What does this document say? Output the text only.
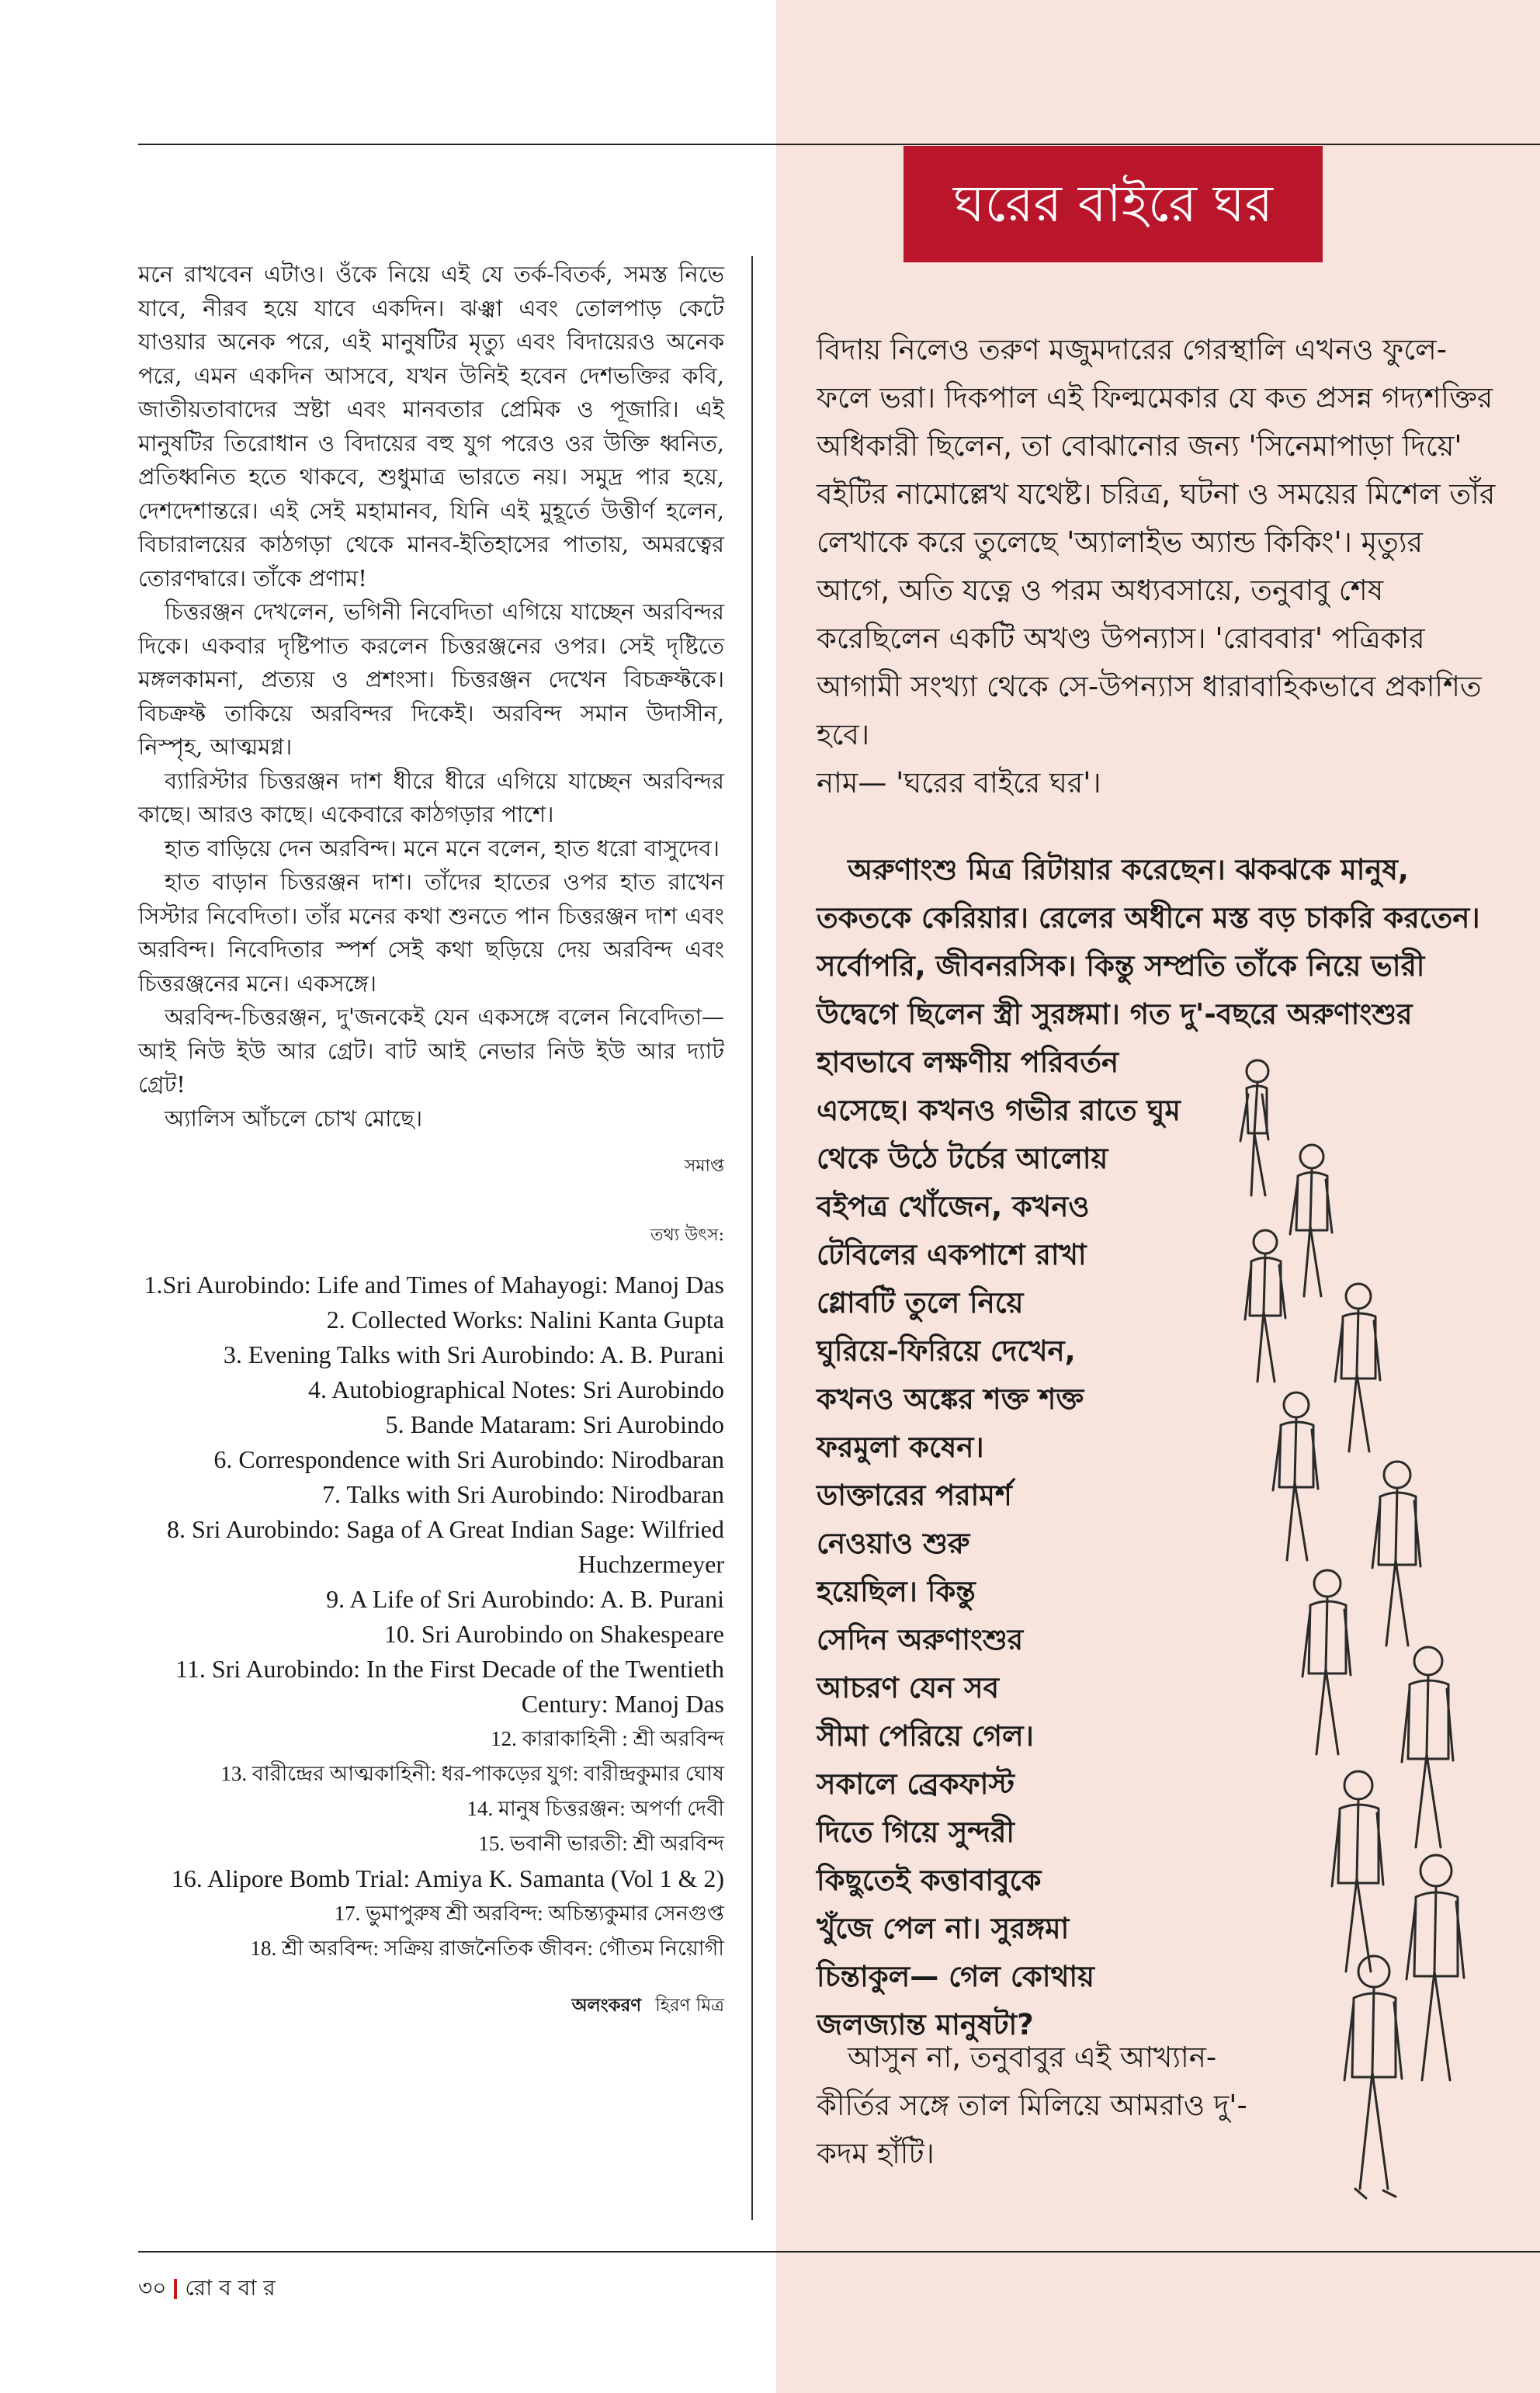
মনে রাখবেন এটাও। ওঁকে নিয়ে এই যে তর্ক-বিতর্ক, সমস্ত নিভে যাবে, নীরব হয়ে যাবে একদিন। ঝঞ্ঝা এবং তোলপাড় কেটে যাওয়ার অনেক পরে, এই মানুষটির মৃত্যু এবং বিদায়েরও অনেক পরে, এমন একদিন আসবে, যখন উনিই হবেন দেশভক্তির কবি, জাতীয়তাবাদের স্রষ্টা এবং মানবতার প্রেমিক ও পূজারি। এই মানুষটির তিরোধান ও বিদায়ের বহু যুগ পরেও ওর উক্তি ধ্বনিত, প্রতিধ্বনিত হতে থাকবে, শুধুমাত্র ভারতে নয়। সমুদ্র পার হয়ে, দেশদেশান্তরে। এই সেই মহামানব, যিনি এই মুহূর্তে উত্তীর্ণ হলেন, বিচারালয়ের কাঠগড়া থেকে মানব-ইতিহাসের পাতায়, অমরত্বের তোরণদ্বারে। তাঁকে প্রণাম!

চিত্তরঞ্জন দেখলেন, ভগিনী নিবেদিতা এগিয়ে যাচ্ছেন অরবিন্দর দিকে। একবার দৃষ্টিপাত করলেন চিত্তরঞ্জনের ওপর। সেই দৃষ্টিতে মঙ্গলকামনা, প্রত্যয় ও প্রশংসা। চিত্তরঞ্জন দেখেন বিচক্রফ্টকে। বিচক্রফ্ট তাকিয়ে অরবিন্দর দিকেই। অরবিন্দ সমান উদাসীন, নিস্পৃহ, আত্মমগ্ন।

ব্যারিস্টার চিত্তরঞ্জন দাশ ধীরে ধীরে এগিয়ে যাচ্ছেন অরবিন্দর কাছে। আরও কাছে। একেবারে কাঠগড়ার পাশে।

হাত বাড়িয়ে দেন অরবিন্দ। মনে মনে বলেন, হাত ধরো বাসুদেব।

হাত বাড়ান চিত্তরঞ্জন দাশ। তাঁদের হাতের ওপর হাত রাখেন সিস্টার নিবেদিতা। তাঁর মনের কথা শুনতে পান চিত্তরঞ্জন দাশ এবং অরবিন্দ। নিবেদিতার স্পর্শ সেই কথা ছড়িয়ে দেয় অরবিন্দ এবং চিত্তরঞ্জনের মনে। একসঙ্গে।

অরবিন্দ-চিত্তরঞ্জন, দু'জনকেই যেন একসঙ্গে বলেন নিবেদিতা— আই নিউ ইউ আর গ্রেট। বাট আই নেভার নিউ ইউ আর দ্যাট গ্রেট!

অ্যালিস আঁচলে চোখ মোছে।

সমাপ্ত
তথ্য উৎস:
1.Sri Aurobindo: Life and Times of Mahayogi: Manoj Das
2. Collected Works: Nalini Kanta Gupta
3. Evening Talks with Sri Aurobindo: A. B. Purani
4. Autobiographical Notes: Sri Aurobindo
5. Bande Mataram: Sri Aurobindo
6. Correspondence with Sri Aurobindo: Nirodbaran
7. Talks with Sri Aurobindo: Nirodbaran
8. Sri Aurobindo: Saga of A Great Indian Sage: Wilfried Huchzermeyer
9. A Life of Sri Aurobindo: A. B. Purani
10. Sri Aurobindo on Shakespeare
11. Sri Aurobindo: In the First Decade of the Twentieth Century: Manoj Das
12. কারাকাহিনী : শ্রী অরবিন্দ
13. বারীন্দ্রের আত্মকাহিনী: ধর-পাকড়ের যুগ: বারীন্দ্রকুমার ঘোষ
14. মানুষ চিত্তরঞ্জন: অপর্ণা দেবী
15. ভবানী ভারতী: শ্রী অরবিন্দ
16. Alipore Bomb Trial: Amiya K. Samanta (Vol 1 & 2)
17. ভুমাপুরুষ শ্রী অরবিন্দ: অচিন্ত্যকুমার সেনগুপ্ত
18. শ্রী অরবিন্দ: সক্রিয় রাজনৈতিক জীবন: গৌতম নিয়োগী
অলংকরণ হিরণ মিত্র
ঘরের বাইরে ঘর

বিদায় নিলেও তরুণ মজুমদারের গেরস্থালি এখনও ফুলে-ফলে ভরা। দিকপাল এই ফিল্মমেকার যে কত প্রসন্ন গদ্যশক্তির অধিকারী ছিলেন, তা বোঝানোর জন্য 'সিনেমাপাড়া দিয়ে' বইটির নামোল্লেখ যথেষ্ট। চরিত্র, ঘটনা ও সময়ের মিশেল তাঁর লেখাকে করে তুলেছে 'অ্যালাইভ অ্যান্ড কিকিং'। মৃত্যুর আগে, অতি যত্নে ও পরম অধ্যবসায়ে, তনুবাবু শেষ করেছিলেন একটি অখণ্ড উপন্যাস। 'রোববার' পত্রিকার আগামী সংখ্যা থেকে সে-উপন্যাস ধারাবাহিকভাবে প্রকাশিত হবে।

নাম— 'ঘরের বাইরে ঘর'।

অরুণাংশু মিত্র রিটায়ার করেছেন। ঝকঝকে মানুষ, তকতকে কেরিয়ার। রেলের অধীনে মস্ত বড় চাকরি করতেন। সর্বোপরি, জীবনরসিক। কিন্তু সম্প্রতি তাঁকে নিয়ে ভারী উদ্বেগে ছিলেন স্ত্রী সুরঙ্গমা। গত দু'-বছরে অরুণাংশুর

হাবভাবে লক্ষণীয় পরিবর্তন
এসেছে। কখনও গভীর রাতে ঘুম
থেকে উঠে টর্চের আলোয়
বইপত্র খোঁজেন, কখনও
টেবিলের একপাশে রাখা
গ্লোবটি তুলে নিয়ে
ঘুরিয়ে-ফিরিয়ে দেখেন,
কখনও অঙ্কের শক্ত শক্ত
ফরমুলা কষেন।
ডাক্তারের পরামর্শ
নেওয়াও শুরু
হয়েছিল। কিন্তু
সেদিন অরুণাংশুর
আচরণ যেন সব
সীমা পেরিয়ে গেল।
সকালে ব্রেকফাস্ট
দিতে গিয়ে সুন্দরী
কিছুতেই কত্তাবাবুকে
খুঁজে পেল না। সুরঙ্গমা
চিন্তাকুল— গেল কোথায়
জলজ্যান্ত মানুষটা?

আসুন না, তনুবাবুর এই আখ্যান-কীর্তির সঙ্গে তাল মিলিয়ে আমরাও দু'-কদম হাঁটি।

৩০ রো ব বা র
